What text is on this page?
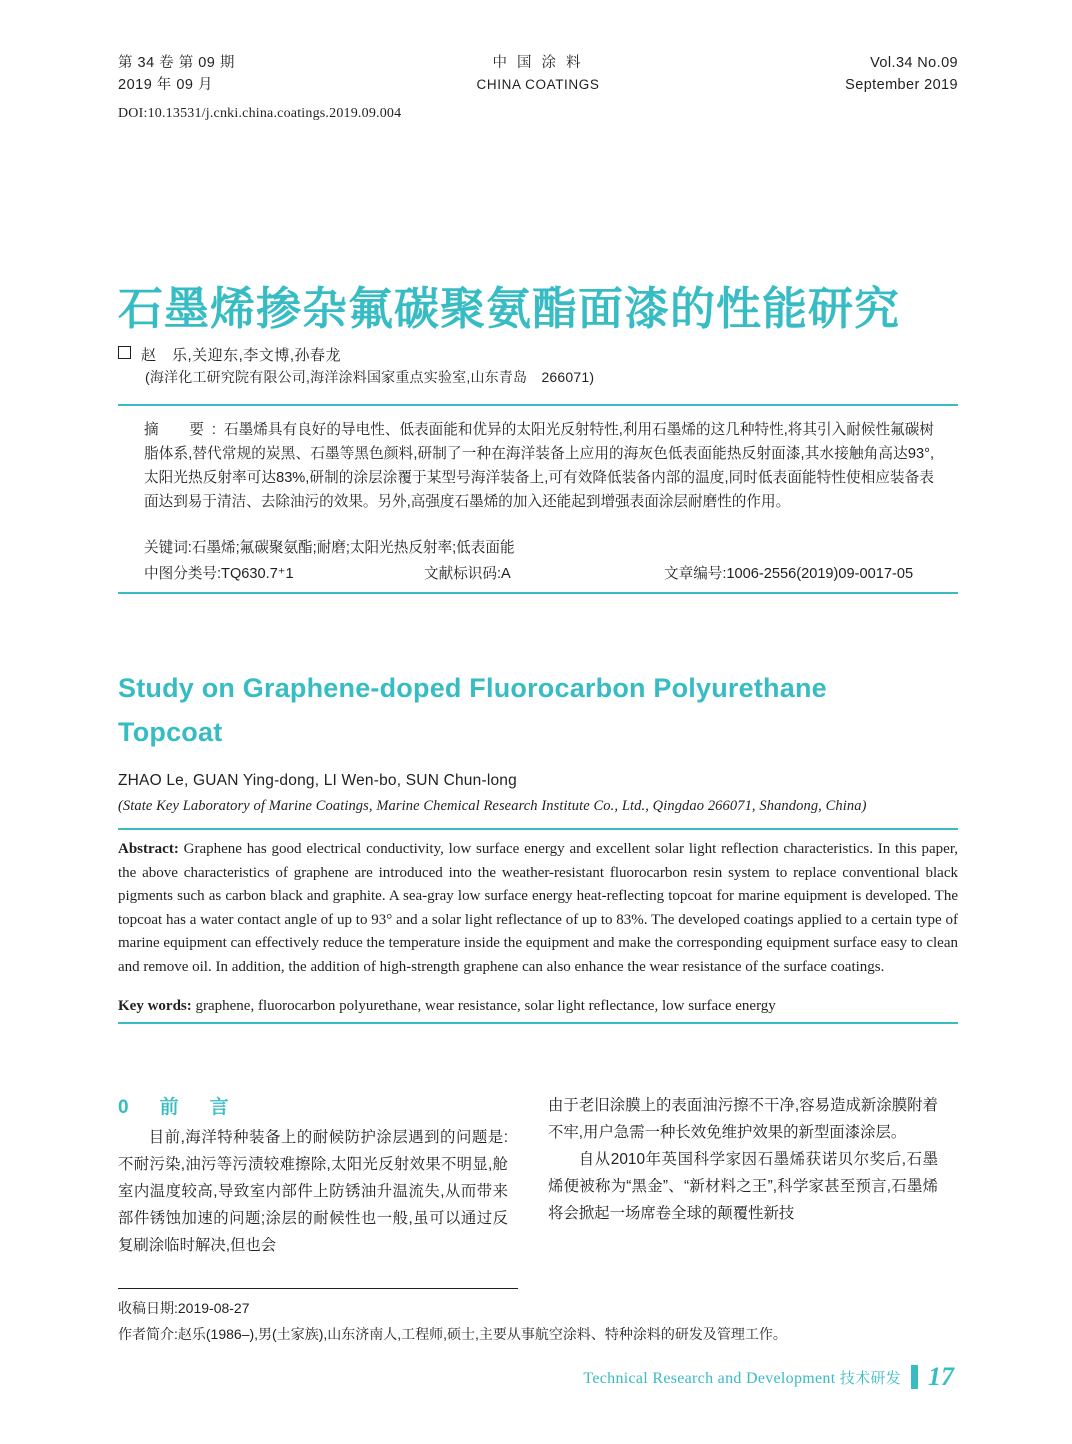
第 34 卷 第 09 期
2019 年 09 月
中 国 涂 料
CHINA COATINGS
Vol.34 No.09
September 2019
DOI:10.13531/j.cnki.china.coatings.2019.09.004
石墨烯掺杂氟碳聚氨酯面漆的性能研究
赵　乐,关迎东,李文博,孙春龙
(海洋化工研究院有限公司,海洋涂料国家重点实验室,山东青岛　266071)
摘　要:石墨烯具有良好的导电性、低表面能和优异的太阳光反射特性,利用石墨烯的这几种特性,将其引入耐候性氟碳树脂体系,替代常规的炭黑、石墨等黑色颜料,研制了一种在海洋装备上应用的海灰色低表面能热反射面漆,其水接触角高达93°,太阳光热反射率可达83%,研制的涂层涂覆于某型号海洋装备上,可有效降低装备内部的温度,同时低表面能特性使相应装备表面达到易于清洁、去除油污的效果。另外,高强度石墨烯的加入还能起到增强表面涂层耐磨性的作用。
关键词:石墨烯;氟碳聚氨酯;耐磨;太阳光热反射率;低表面能
中图分类号:TQ630.7⁺1	文献标识码:A	文章编号:1006-2556(2019)09-0017-05
Study on Graphene-doped Fluorocarbon Polyurethane Topcoat
ZHAO Le, GUAN Ying-dong, LI Wen-bo, SUN Chun-long
(State Key Laboratory of Marine Coatings, Marine Chemical Research Institute Co., Ltd., Qingdao 266071, Shandong, China)
Abstract: Graphene has good electrical conductivity, low surface energy and excellent solar light reflection characteristics. In this paper, the above characteristics of graphene are introduced into the weather-resistant fluorocarbon resin system to replace conventional black pigments such as carbon black and graphite. A sea-gray low surface energy heat-reflecting topcoat for marine equipment is developed. The topcoat has a water contact angle of up to 93° and a solar light reflectance of up to 83%. The developed coatings applied to a certain type of marine equipment can effectively reduce the temperature inside the equipment and make the corresponding equipment surface easy to clean and remove oil. In addition, the addition of high-strength graphene can also enhance the wear resistance of the surface coatings.
Key words: graphene, fluorocarbon polyurethane, wear resistance, solar light reflectance, low surface energy
0　前　言

目前,海洋特种装备上的耐候防护涂层遇到的问题是:不耐污染,油污等污渍较难擦除,太阳光反射效果不明显,舱室内温度较高,导致室内部件上防锈油升温流失,从而带来部件锈蚀加速的问题;涂层的耐候性也一般,虽可以通过反复刷涂临时解决,但也会

由于老旧涂膜上的表面油污擦不干净,容易造成新涂膜附着不牢,用户急需一种长效免维护效果的新型面漆涂层。

自从2010年英国科学家因石墨烯获诺贝尔奖后,石墨烯便被称为“黑金”、“新材料之王”,科学家甚至预言,石墨烯将会掀起一场席卷全球的颠覆性新技

收稿日期:2019-08-27
作者简介:赵乐(1986–),男(土家族),山东济南人,工程师,硕士,主要从事航空涂料、特种涂料的研发及管理工作。
Technical Research and Development 技术研发 17
